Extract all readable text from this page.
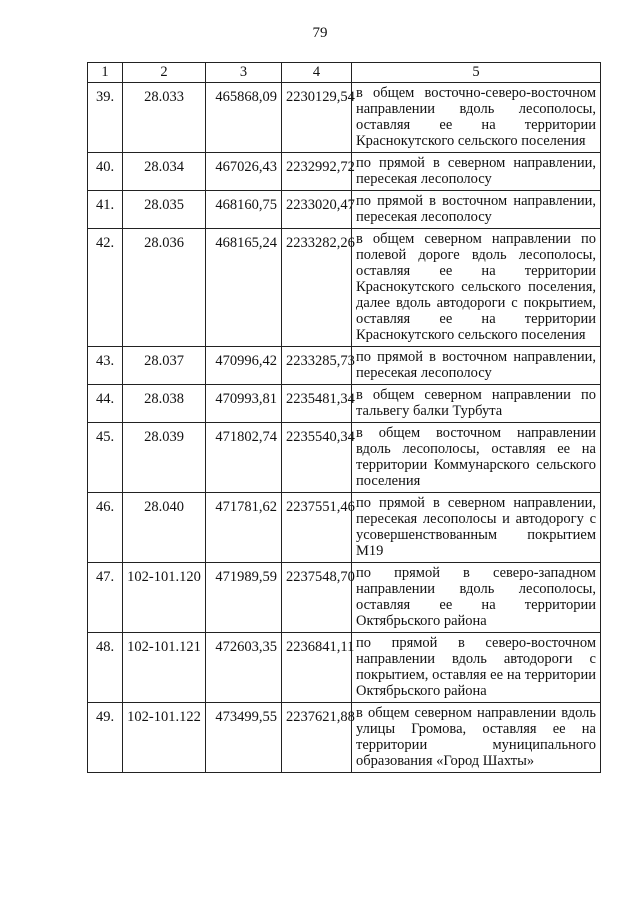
79
1	2	3	4	5
39.	28.033	465868,09	2230129,54	в общем восточно-северо-восточном направлении вдоль лесополосы, оставляя ее на территории Краснокутского сельского поселения
40.	28.034	467026,43	2232992,72	по прямой в северном направлении, пересекая лесополосу
41.	28.035	468160,75	2233020,47	по прямой в восточном направлении, пересекая лесополосу
42.	28.036	468165,24	2233282,26	в общем северном направлении по полевой дороге вдоль лесополосы, оставляя ее на территории Краснокутского сельского поселения, далее вдоль автодороги с покрытием, оставляя ее на территории Краснокутского сельского поселения
43.	28.037	470996,42	2233285,73	по прямой в восточном направлении, пересекая лесополосу
44.	28.038	470993,81	2235481,34	в общем северном направлении по тальвегу балки Турбута
45.	28.039	471802,74	2235540,34	в общем восточном направлении вдоль лесополосы, оставляя ее на территории Коммунарского сельского поселения
46.	28.040	471781,62	2237551,46	по прямой в северном направлении, пересекая лесополосы и автодорогу с усовершенствованным покрытием М19
47.	102-101.120	471989,59	2237548,70	по прямой в северо-западном направлении вдоль лесополосы, оставляя ее на территории Октябрьского района
48.	102-101.121	472603,35	2236841,11	по прямой в северо-восточном направлении вдоль автодороги с покрытием, оставляя ее на территории Октябрьского района
49.	102-101.122	473499,55	2237621,88	в общем северном направлении вдоль улицы Громова, оставляя ее на территории муниципального образования «Город Шахты»
